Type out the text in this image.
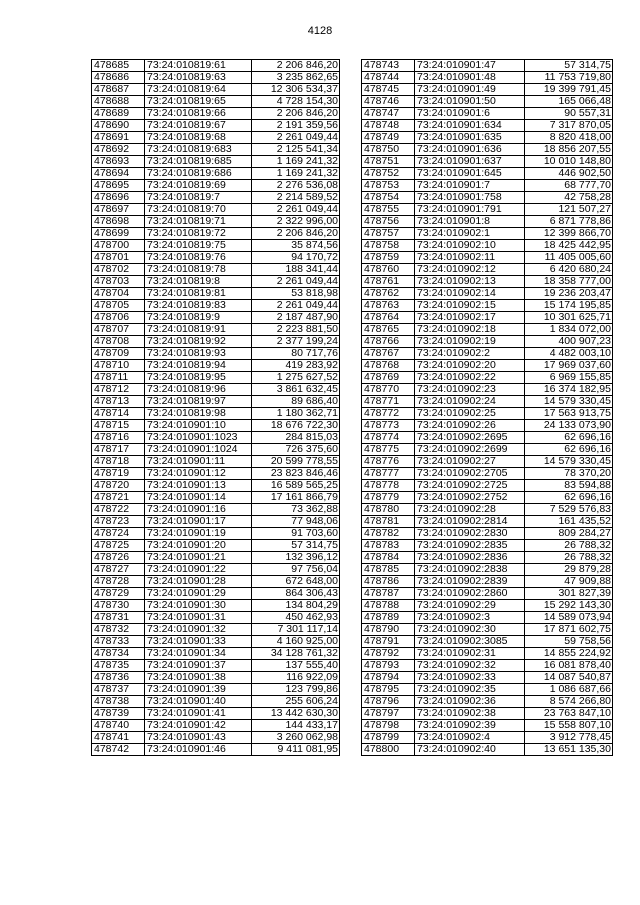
4128
478685	73:24:010819:61	2 206 846,20
478686	73:24:010819:63	3 235 862,65
478687	73:24:010819:64	12 306 534,37
478688	73:24:010819:65	4 728 154,30
478689	73:24:010819:66	2 206 846,20
478690	73:24:010819:67	2 191 359,56
478691	73:24:010819:68	2 261 049,44
478692	73:24:010819:683	2 125 541,34
478693	73:24:010819:685	1 169 241,32
478694	73:24:010819:686	1 169 241,32
478695	73:24:010819:69	2 276 536,08
478696	73:24:010819:7	2 214 589,52
478697	73:24:010819:70	2 261 049,44
478698	73:24:010819:71	2 322 996,00
478699	73:24:010819:72	2 206 846,20
478700	73:24:010819:75	35 874,56
478701	73:24:010819:76	94 170,72
478702	73:24:010819:78	188 341,44
478703	73:24:010819:8	2 261 049,44
478704	73:24:010819:81	53 818,98
478705	73:24:010819:83	2 261 049,44
478706	73:24:010819:9	2 187 487,90
478707	73:24:010819:91	2 223 881,50
478708	73:24:010819:92	2 377 199,24
478709	73:24:010819:93	80 717,76
478710	73:24:010819:94	419 283,92
478711	73:24:010819:95	1 275 627,52
478712	73:24:010819:96	3 861 632,45
478713	73:24:010819:97	89 686,40
478714	73:24:010819:98	1 180 362,71
478715	73:24:010901:10	18 676 722,30
478716	73:24:010901:1023	284 815,03
478717	73:24:010901:1024	726 375,60
478718	73:24:010901:11	20 599 778,55
478719	73:24:010901:12	23 823 846,46
478720	73:24:010901:13	16 589 565,25
478721	73:24:010901:14	17 161 866,79
478722	73:24:010901:16	73 362,88
478723	73:24:010901:17	77 948,06
478724	73:24:010901:19	91 703,60
478725	73:24:010901:20	57 314,75
478726	73:24:010901:21	132 396,12
478727	73:24:010901:22	97 756,04
478728	73:24:010901:28	672 648,00
478729	73:24:010901:29	864 306,43
478730	73:24:010901:30	134 804,29
478731	73:24:010901:31	450 462,93
478732	73:24:010901:32	7 301 117,14
478733	73:24:010901:33	4 160 925,00
478734	73:24:010901:34	34 128 761,32
478735	73:24:010901:37	137 555,40
478736	73:24:010901:38	116 922,09
478737	73:24:010901:39	123 799,86
478738	73:24:010901:40	255 606,24
478739	73:24:010901:41	13 442 630,30
478740	73:24:010901:42	144 433,17
478741	73:24:010901:43	3 260 062,98
478742	73:24:010901:46	9 411 081,95
478743	73:24:010901:47	57 314,75
478744	73:24:010901:48	11 753 719,80
478745	73:24:010901:49	19 399 791,45
478746	73:24:010901:50	165 066,48
478747	73:24:010901:6	90 557,31
478748	73:24:010901:634	7 317 870,05
478749	73:24:010901:635	8 820 418,00
478750	73:24:010901:636	18 856 207,55
478751	73:24:010901:637	10 010 148,80
478752	73:24:010901:645	446 902,50
478753	73:24:010901:7	68 777,70
478754	73:24:010901:758	42 758,28
478755	73:24:010901:791	121 507,27
478756	73:24:010901:8	6 871 778,86
478757	73:24:010902:1	12 399 866,70
478758	73:24:010902:10	18 425 442,95
478759	73:24:010902:11	11 405 005,60
478760	73:24:010902:12	6 420 680,24
478761	73:24:010902:13	18 358 777,00
478762	73:24:010902:14	19 236 203,47
478763	73:24:010902:15	15 174 195,85
478764	73:24:010902:17	10 301 625,71
478765	73:24:010902:18	1 834 072,00
478766	73:24:010902:19	400 907,23
478767	73:24:010902:2	4 482 003,10
478768	73:24:010902:20	17 969 037,60
478769	73:24:010902:22	6 969 155,85
478770	73:24:010902:23	16 374 182,95
478771	73:24:010902:24	14 579 330,45
478772	73:24:010902:25	17 563 913,75
478773	73:24:010902:26	24 133 073,90
478774	73:24:010902:2695	62 696,16
478775	73:24:010902:2699	62 696,16
478776	73:24:010902:27	14 579 330,45
478777	73:24:010902:2705	78 370,20
478778	73:24:010902:2725	83 594,88
478779	73:24:010902:2752	62 696,16
478780	73:24:010902:28	7 529 576,83
478781	73:24:010902:2814	161 435,52
478782	73:24:010902:2830	809 284,27
478783	73:24:010902:2835	26 788,32
478784	73:24:010902:2836	26 788,32
478785	73:24:010902:2838	29 879,28
478786	73:24:010902:2839	47 909,88
478787	73:24:010902:2860	301 827,39
478788	73:24:010902:29	15 292 143,30
478789	73:24:010902:3	14 589 073,94
478790	73:24:010902:30	17 871 602,75
478791	73:24:010902:3085	59 758,56
478792	73:24:010902:31	14 855 224,92
478793	73:24:010902:32	16 081 878,40
478794	73:24:010902:33	14 087 540,87
478795	73:24:010902:35	1 086 687,66
478796	73:24:010902:36	8 574 266,80
478797	73:24:010902:38	23 763 847,10
478798	73:24:010902:39	15 558 807,10
478799	73:24:010902:4	3 912 778,45
478800	73:24:010902:40	13 651 135,30
